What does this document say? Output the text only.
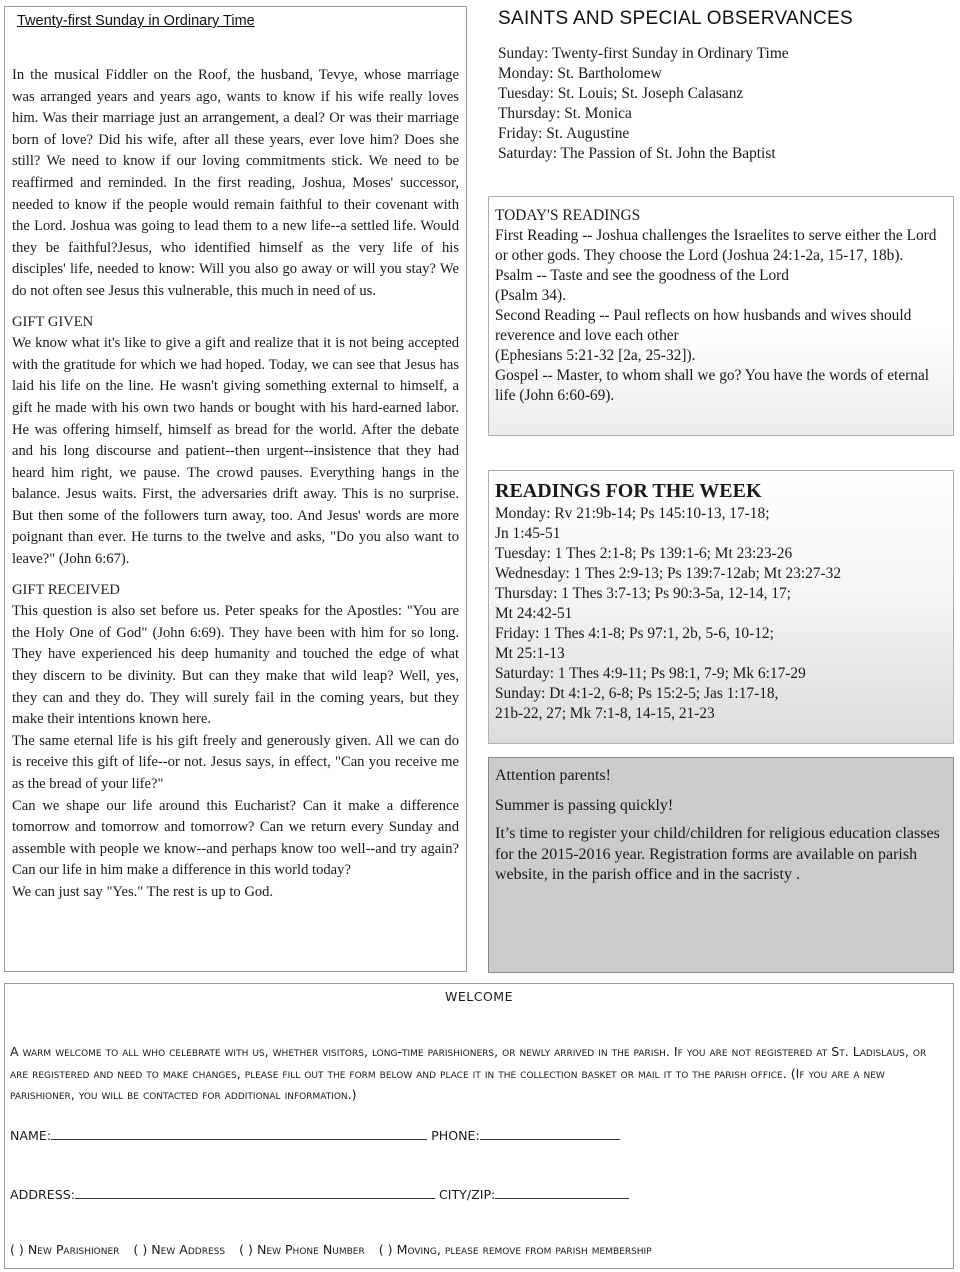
Twenty-first Sunday in Ordinary Time

In the musical Fiddler on the Roof, the husband, Tevye, whose marriage was arranged years and years ago, wants to know if his wife really loves him. Was their marriage just an arrangement, a deal? Or was their marriage born of love? Did his wife, after all these years, ever love him? Does she still? We need to know if our loving commitments stick. We need to be reaffirmed and reminded. In the first reading, Joshua, Moses' successor, needed to know if the people would remain faithful to their covenant with the Lord. Joshua was going to lead them to a new life--a settled life. Would they be faithful?Jesus, who identified himself as the very life of his disciples' life, needed to know: Will you also go away or will you stay? We do not often see Jesus this vulnerable, this much in need of us.

GIFT GIVEN

We know what it's like to give a gift and realize that it is not being accepted with the gratitude for which we had hoped. Today, we can see that Jesus has laid his life on the line. He wasn't giving something external to himself, a gift he made with his own two hands or bought with his hard-earned labor. He was offering himself, himself as bread for the world. After the debate and his long discourse and patient--then urgent--insistence that they had heard him right, we pause. The crowd pauses. Everything hangs in the balance. Jesus waits. First, the adversaries drift away. This is no surprise. But then some of the followers turn away, too. And Jesus' words are more poignant than ever. He turns to the twelve and asks, "Do you also want to leave?" (John 6:67).

GIFT RECEIVED

This question is also set before us. Peter speaks for the Apostles: "You are the Holy One of God" (John 6:69). They have been with him for so long. They have experienced his deep humanity and touched the edge of what they discern to be divinity. But can they make that wild leap? Well, yes, they can and they do. They will surely fail in the coming years, but they make their intentions known here.

The same eternal life is his gift freely and generously given. All we can do is receive this gift of life--or not. Jesus says, in effect, "Can you receive me as the bread of your life?"

Can we shape our life around this Eucharist? Can it make a difference tomorrow and tomorrow and tomorrow? Can we return every Sunday and assemble with people we know--and perhaps know too well--and try again? Can our life in him make a difference in this world today?

We can just say "Yes." The rest is up to God.

SAINTS AND SPECIAL OBSERVANCES
Sunday: Twenty-first Sunday in Ordinary Time
Monday: St. Bartholomew
Tuesday: St. Louis; St. Joseph Calasanz
Thursday: St. Monica
Friday: St. Augustine
Saturday: The Passion of St. John the Baptist
TODAY'S READINGS
First Reading -- Joshua challenges the Israelites to serve either the Lord or other gods. They choose the Lord (Joshua 24:1-2a, 15-17, 18b).
Psalm -- Taste and see the goodness of the Lord
(Psalm 34).
Second Reading -- Paul reflects on how husbands and wives should reverence and love each other
(Ephesians 5:21-32 [2a, 25-32]).
Gospel -- Master, to whom shall we go? You have the words of eternal life (John 6:60-69).
READINGS FOR THE WEEK
Monday: Rv 21:9b-14; Ps 145:10-13, 17-18;
Jn 1:45-51
Tuesday: 1 Thes 2:1-8; Ps 139:1-6; Mt 23:23-26
Wednesday: 1 Thes 2:9-13; Ps 139:7-12ab; Mt 23:27-32
Thursday: 1 Thes 3:7-13; Ps 90:3-5a, 12-14, 17;
Mt 24:42-51
Friday: 1 Thes 4:1-8; Ps 97:1, 2b, 5-6, 10-12;
Mt 25:1-13
Saturday: 1 Thes 4:9-11; Ps 98:1, 7-9; Mk 6:17-29
Sunday: Dt 4:1-2, 6-8; Ps 15:2-5; Jas 1:17-18,
21b-22, 27; Mk 7:1-8, 14-15, 21-23

Attention parents!

Summer is passing quickly!

It’s time to register your child/children for religious education classes for the 2015-2016 year. Registration forms are available on parish website, in the parish office and in the sacristy .

WELCOME
A warm welcome to all who celebrate with us, whether visitors, long-time parishioners, or newly arrived in the parish. If you are not registered at St. Ladislaus, or are registered and need to make changes, please fill out the form below and place it in the collection basket or mail it to the parish office. (If you are a new parishioner, you will be contacted for additional information.)
NAME:	PHONE:
ADDRESS:	CITY/ZIP:
( ) New Parishioner ( ) New Address ( ) New Phone Number ( ) Moving, please remove from parish membership
